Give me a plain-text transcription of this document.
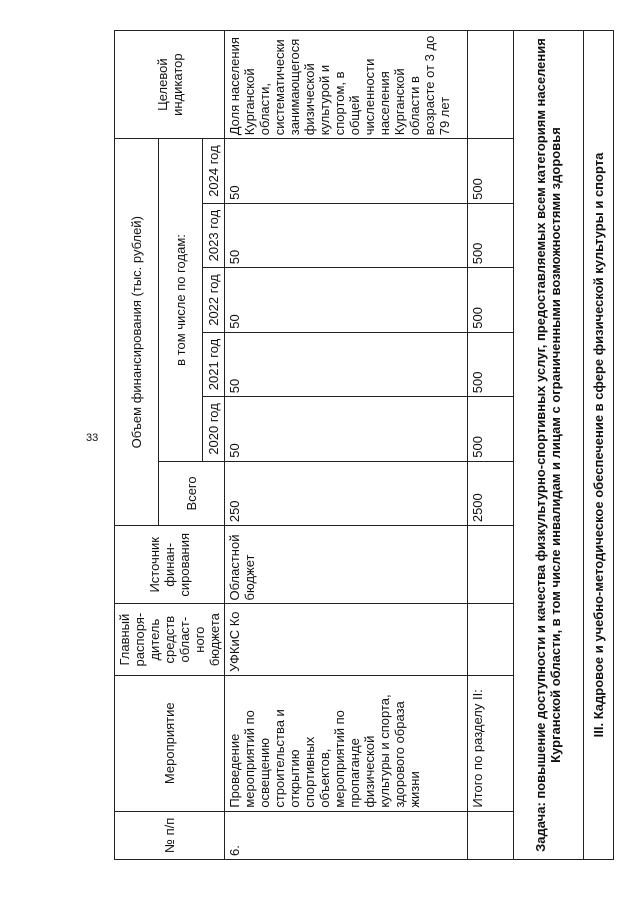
33
№ п/п	Мероприятие	Главный распоря-дитель средств област-ного бюджета	Источник финан-сирования	Объем финансирования (тыс. рублей)						Целевой индикатор
				Всего	в том числе по годам:					
					2020 год	2021 год	2022 год	2023 год	2024 год	
6.	Проведение мероприятий по освещению строительства и открытию спортивных объектов, мероприятий по пропаганде физической культуры и спорта, здорового образа жизни	УФКиС Ко	Областной бюджет	250	50	50	50	50	50	Доля населения Курганской области, систематически занимающегося физической культурой и спортом, в общей численности населения Курганской области в возрасте от 3 до 79 лет
	Итого по разделу II:			2500	500	500	500	500	500	
Задача: повышение доступности и качества физкультурно-спортивных услуг, предоставляемых всем категориям населения Курганской области, в том числе инвалидам и лицам с ограниченными возможностями здоровья										
III. Кадровое и учебно-методическое обеспечение в сфере физической культуры и спорта										
